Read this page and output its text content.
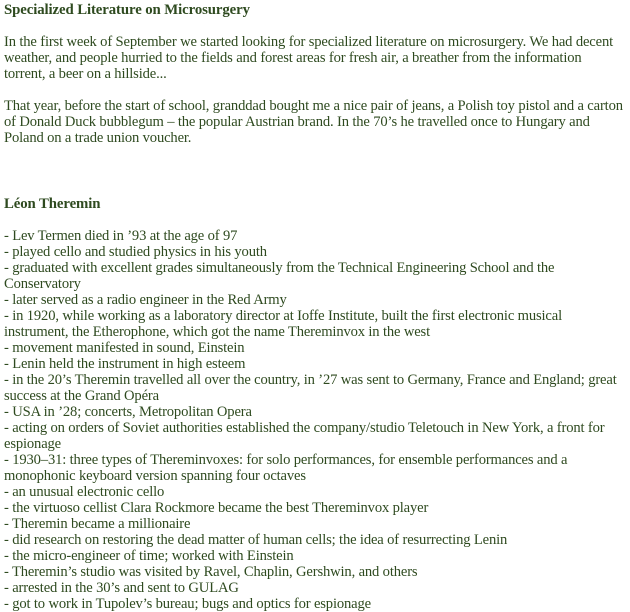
Specialized Literature on Microsurgery

In the first week of September we started looking for specialized literature on microsurgery. We had decent weather, and people hurried to the fields and forest areas for fresh air, a breather from the information torrent, a beer on a hillside...

That year, before the start of school, granddad bought me a nice pair of jeans, a Polish toy pistol and a carton of Donald Duck bubblegum – the popular Austrian brand. In the 70’s he travelled once to Hungary and Poland on a trade union voucher.

Léon Theremin
- Lev Termen died in ’93 at the age of 97
- played cello and studied physics in his youth
- graduated with excellent grades simultaneously from the Technical Engineering School and the Conservatory
- later served as a radio engineer in the Red Army
- in 1920, while working as a laboratory director at Ioffe Institute, built the first electronic musical instrument, the Etherophone, which got the name Thereminvox in the west
- movement manifested in sound, Einstein
- Lenin held the instrument in high esteem
- in the 20’s Theremin travelled all over the country, in ’27 was sent to Germany, France and England; great success at the Grand Opéra
- USA in ’28; concerts, Metropolitan Opera
- acting on orders of Soviet authorities established the company/studio Teletouch in New York, a front for espionage
- 1930–31: three types of Thereminvoxes: for solo performances, for ensemble performances and a monophonic keyboard version spanning four octaves
- an unusual electronic cello
- the virtuoso cellist Clara Rockmore became the best Thereminvox player
- Theremin became a millionaire
- did research on restoring the dead matter of human cells; the idea of resurrecting Lenin
- the micro-engineer of time; worked with Einstein
- Theremin’s studio was visited by Ravel, Chaplin, Gershwin, and others
- arrested in the 30’s and sent to GULAG
- got to work in Tupolev’s bureau; bugs and optics for espionage
